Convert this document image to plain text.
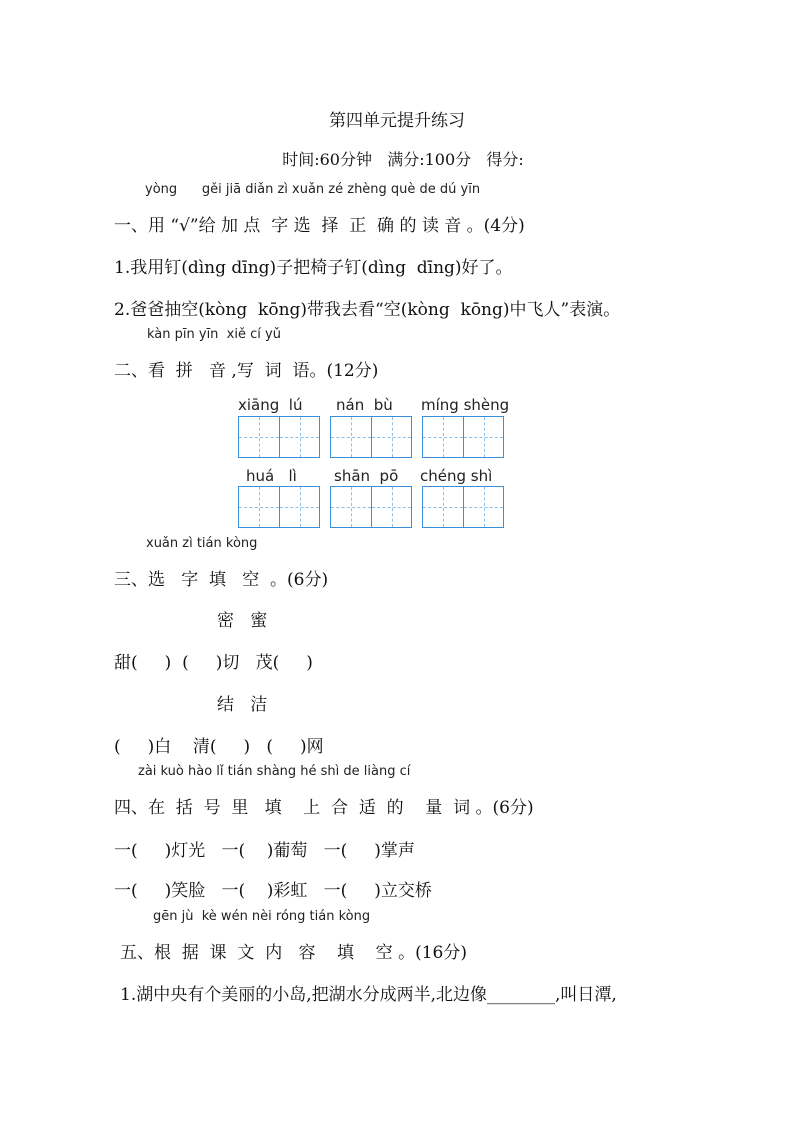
第四单元提升练习
时间:60分钟   满分:100分   得分:
yòng      gěi jiā diǎn zì xuǎn zé zhèng què de dú yīn
一、用 “√”给 加 点  字 选  择  正  确 的 读 音 。(4分)
1.我用钉(dìng dīng)子把椅子钉(dìng  dīng)好了。
2.爸爸抽空(kòng  kōng)带我去看“空(kòng  kōng)中飞人”表演。
kàn pīn yīn  xiě cí yǔ
二、看  拼   音 ,写  词  语。(12分)
xiāng  lú nán  bù míng shèng
huá   lì shān  pō chéng shì
xuǎn zì tián kòng
三、选   字  填   空  。(6分)
密   蜜
甜(     )  (     )切   茂(     )
结   洁
(     )白    清(     )   (     )网
zài kuò hào lǐ tián shàng hé shì de liàng cí
四、在  括  号  里   填    上  合  适  的    量  词 。(6分)
一(     )灯光   一(    )葡萄   一(     )掌声
一(     )笑脸   一(    )彩虹   一(     )立交桥
gēn jù  kè wén nèi róng tián kòng
五、根  据  课  文  内   容    填    空 。(16分)
1.湖中央有个美丽的小岛,把湖水分成两半,北边像________,叫日潭,
